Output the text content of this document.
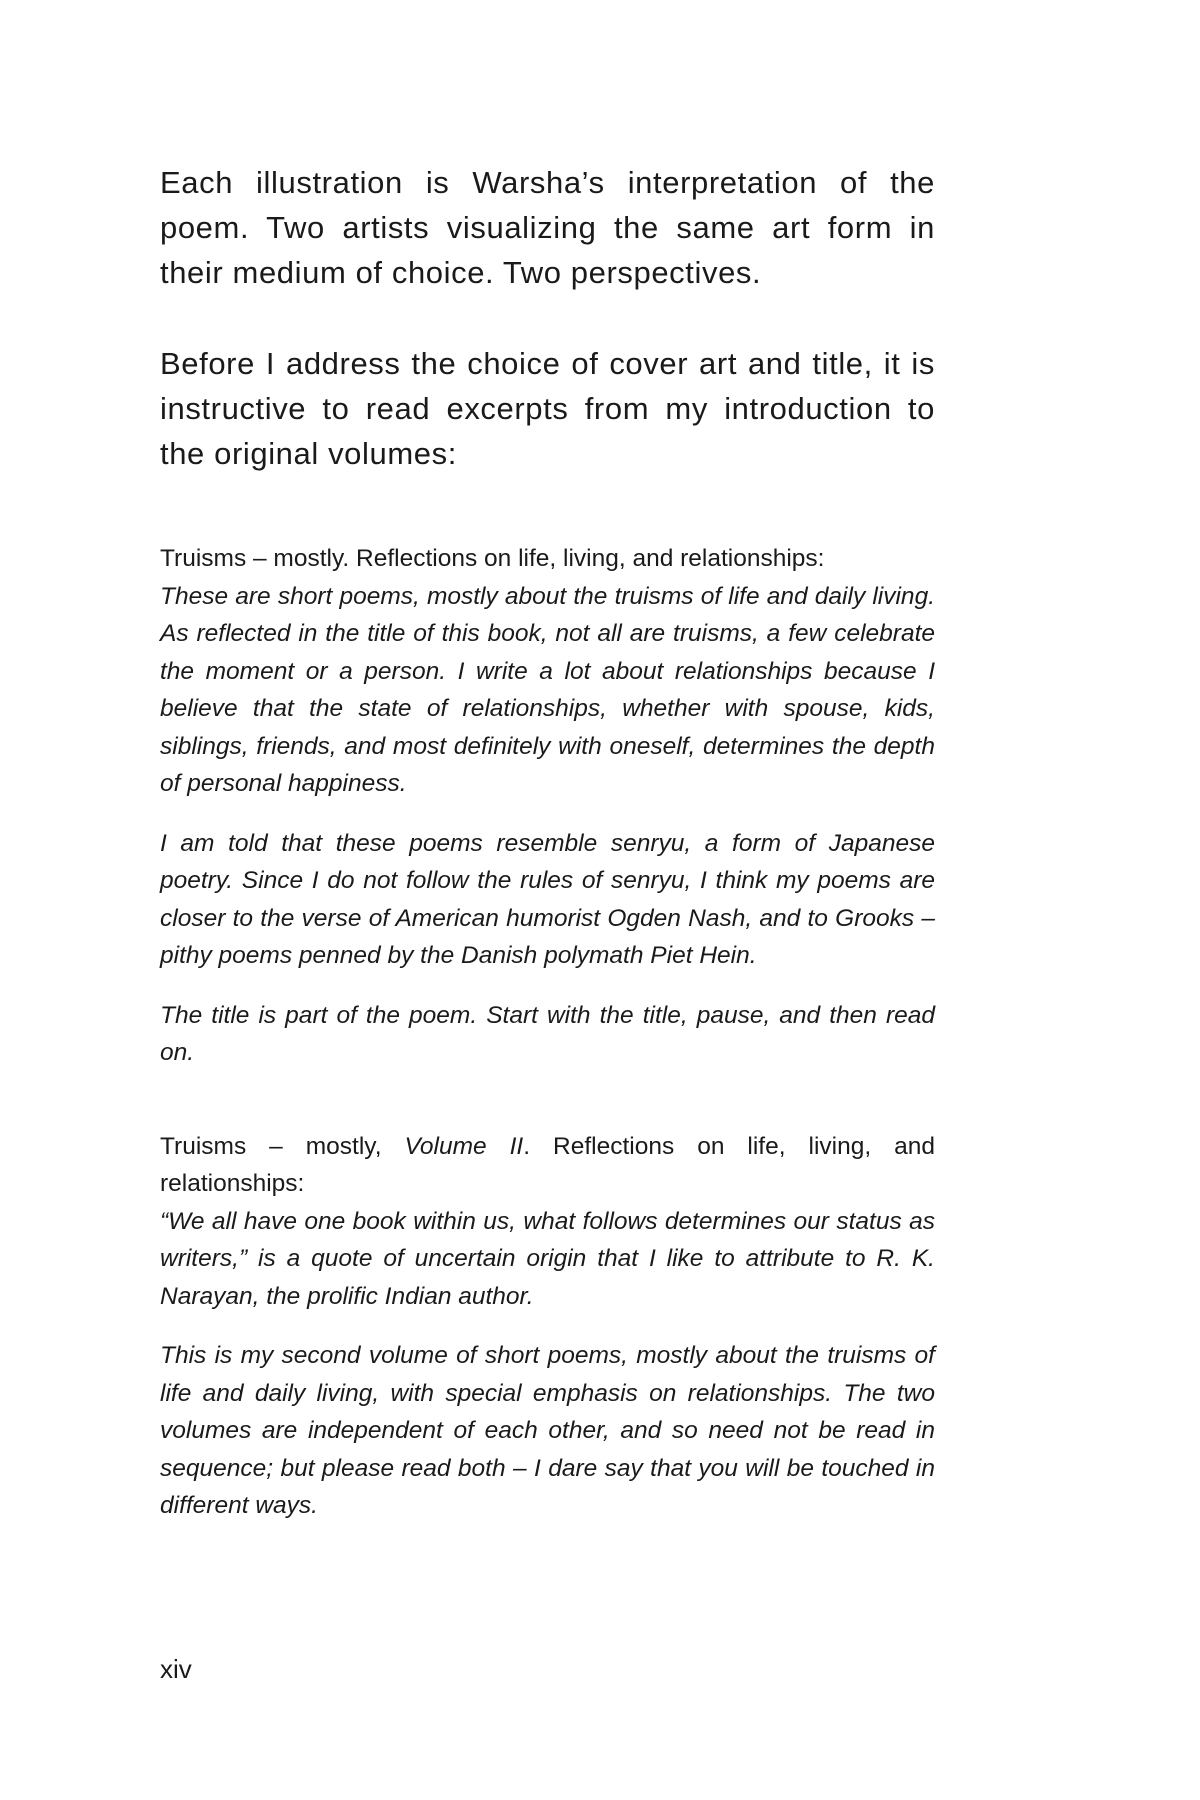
Each illustration is Warsha’s interpretation of the poem. Two artists visualizing the same art form in their medium of choice. Two perspectives.

Before I address the choice of cover art and title, it is instructive to read excerpts from my introduction to the original volumes:

Truisms – mostly. Reflections on life, living, and relationships:

These are short poems, mostly about the truisms of life and daily living. As reflected in the title of this book, not all are truisms, a few celebrate the moment or a person. I write a lot about relationships because I believe that the state of relationships, whether with spouse, kids, siblings, friends, and most definitely with oneself, determines the depth of personal happiness.

I am told that these poems resemble senryu, a form of Japanese poetry. Since I do not follow the rules of senryu, I think my poems are closer to the verse of American humorist Ogden Nash, and to Grooks – pithy poems penned by the Danish polymath Piet Hein.

The title is part of the poem. Start with the title, pause, and then read on.

Truisms – mostly, Volume II. Reflections on life, living, and relationships:

“We all have one book within us, what follows determines our status as writers,” is a quote of uncertain origin that I like to attribute to R. K. Narayan, the prolific Indian author.

This is my second volume of short poems, mostly about the truisms of life and daily living, with special emphasis on relationships. The two volumes are independent of each other, and so need not be read in sequence; but please read both – I dare say that you will be touched in different ways.

xiv
